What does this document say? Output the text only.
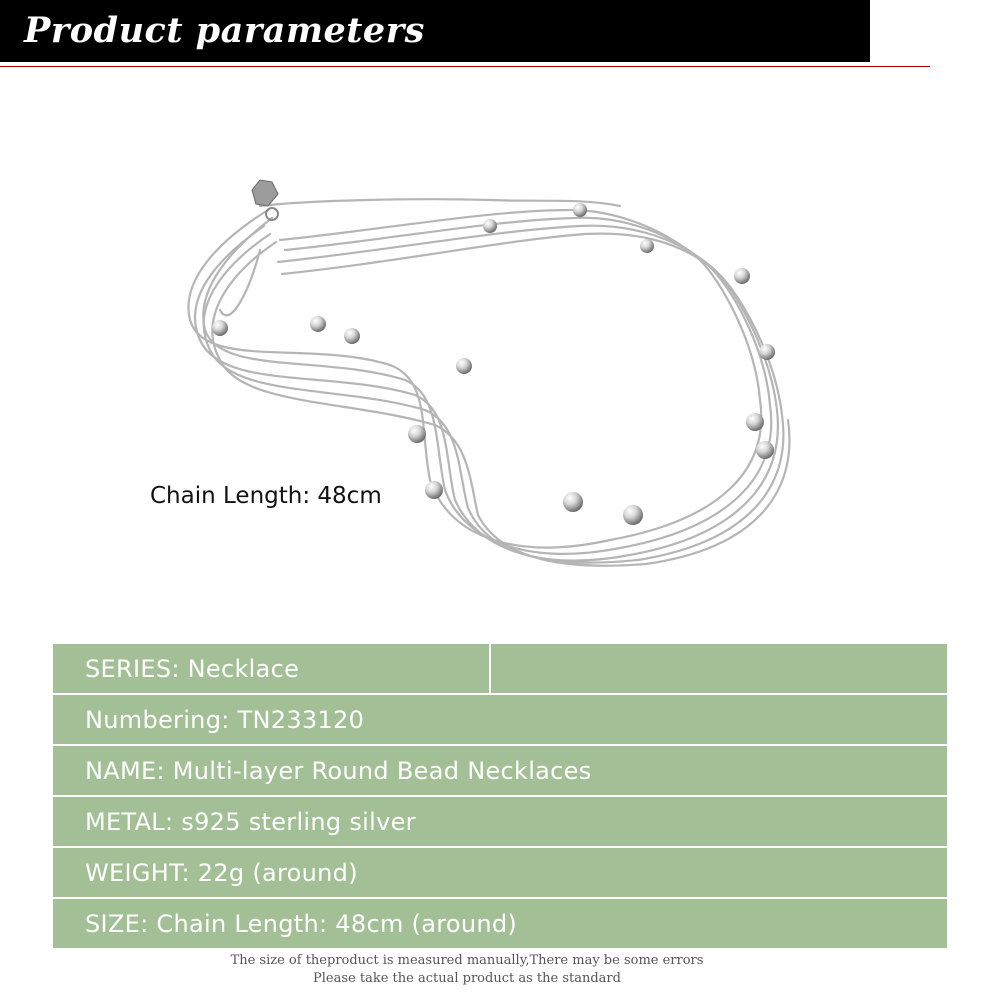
Product parameters
Chain Length: 48cm
SERIES: Necklace
Numbering: TN233120
NAME: Multi-layer Round Bead Necklaces
METAL: s925 sterling silver
WEIGHT: 22g (around)
SIZE: Chain Length: 48cm (around)
The size of theproduct is measured manually,There may be some errors
Please take the actual product as the standard
